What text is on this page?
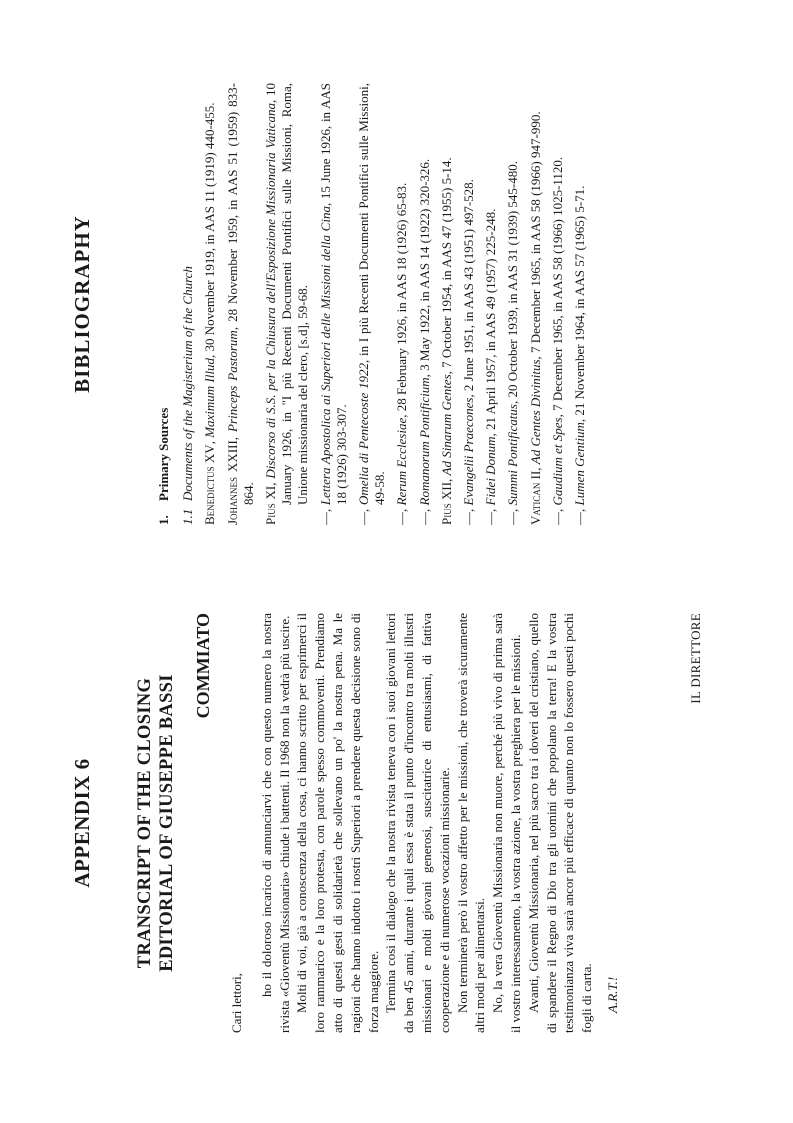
APPENDIX 6 TRANSCRIPT OF THE CLOSING EDITORIAL OF GIUSEPPE BASSI
COMMIATO

Cari lettori,

ho il doloroso incarico di annunciarvi che con questo numero la nostra rivista «Gioventù Missionaria» chiude i battenti. Il 1968 non la vedrà più uscire. Molti di voi, già a conoscenza della cosa, ci hanno scritto per esprimerci il loro rammarico e la loro protesta, con parole spesso commoventi. Prendiamo atto di questi gesti di solidarietà che sollevano un po' la nostra pena. Ma le ragioni che hanno indotto i nostri Superiori a prendere questa decisione sono di forza maggiore. Termina così il dialogo che la nostra rivista teneva con i suoi giovani lettori da ben 45 anni, durante i quali essa è stata il punto d'incontro tra molti illustri missionari e molti giovani generosi, suscitatrice di entusiasmi, di fattiva cooperazione e di numerose vocazioni missionarie. Non terminerà però il vostro affetto per le missioni, che troverà sicuramente altri modi per alimentarsi. No, la vera Gioventù Missionaria non muore, perché più vivo di prima sarà il vostro interessamento, la vostra azione, la vostra preghiera per le missioni. Avanti, Gioventù Missionaria, nel più sacro tra i doveri del cristiano, quello di spandere il Regno di Dio tra gli uomini che popolano la terra! E la vostra testimonianza viva sarà ancor più efficace di quanto non lo fossero questi pochi fogli di carta. A.R.T.!

IL DIRETTORE

BIBLIOGRAPHY

1.Primary Sources

1.1Documents of the Magisterium of the Church Benedictus XV, Maximum Illud, 30 November 1919, in AAS 11 (1919) 440-455.

Johannes XXIII, Princeps Pastorum, 28 November 1959, in AAS 51 (1959) 833-864. Pius XI, Discorso di S.S. per la Chiusura dell'Esposizione Missionaria Vaticana, 10 January 1926, in "I più Recenti Documenti Pontifici sulle Missioni, Roma, Unione missionaria del clero, [s.d], 59-68.

—, Lettera Apostolica ai Superiori delle Missioni della Cina, 15 June 1926, in AAS 18 (1926) 303-307.

—, Omelia di Pentecoste 1922, in I più Recenti Documenti Pontifici sulle Missioni, 49-58.

—, Rerum Ecclesiae, 28 February 1926, in AAS 18 (1926) 65-83.

—, Romanorum Pontificium, 3 May 1922, in AAS 14 (1922) 320-326.

Pius XII, Ad Sinarum Gentes, 7 October 1954, in AAS 47 (1955) 5-14.

—, Evangelii Praecones, 2 June 1951, in AAS 43 (1951) 497-528.

—, Fidei Donum, 21 April 1957, in AAS 49 (1957) 225-248.

—, Summi Pontificatus, 20 October 1939, in AAS 31 (1939) 545-480.

Vatican II, Ad Gentes Divinitus, 7 December 1965, in AAS 58 (1966) 947-990.

—, Gaudium et Spes, 7 December 1965, in AAS 58 (1966) 1025-1120.

—, Lumen Gentium, 21 November 1964, in AAS 57 (1965) 5-71.
